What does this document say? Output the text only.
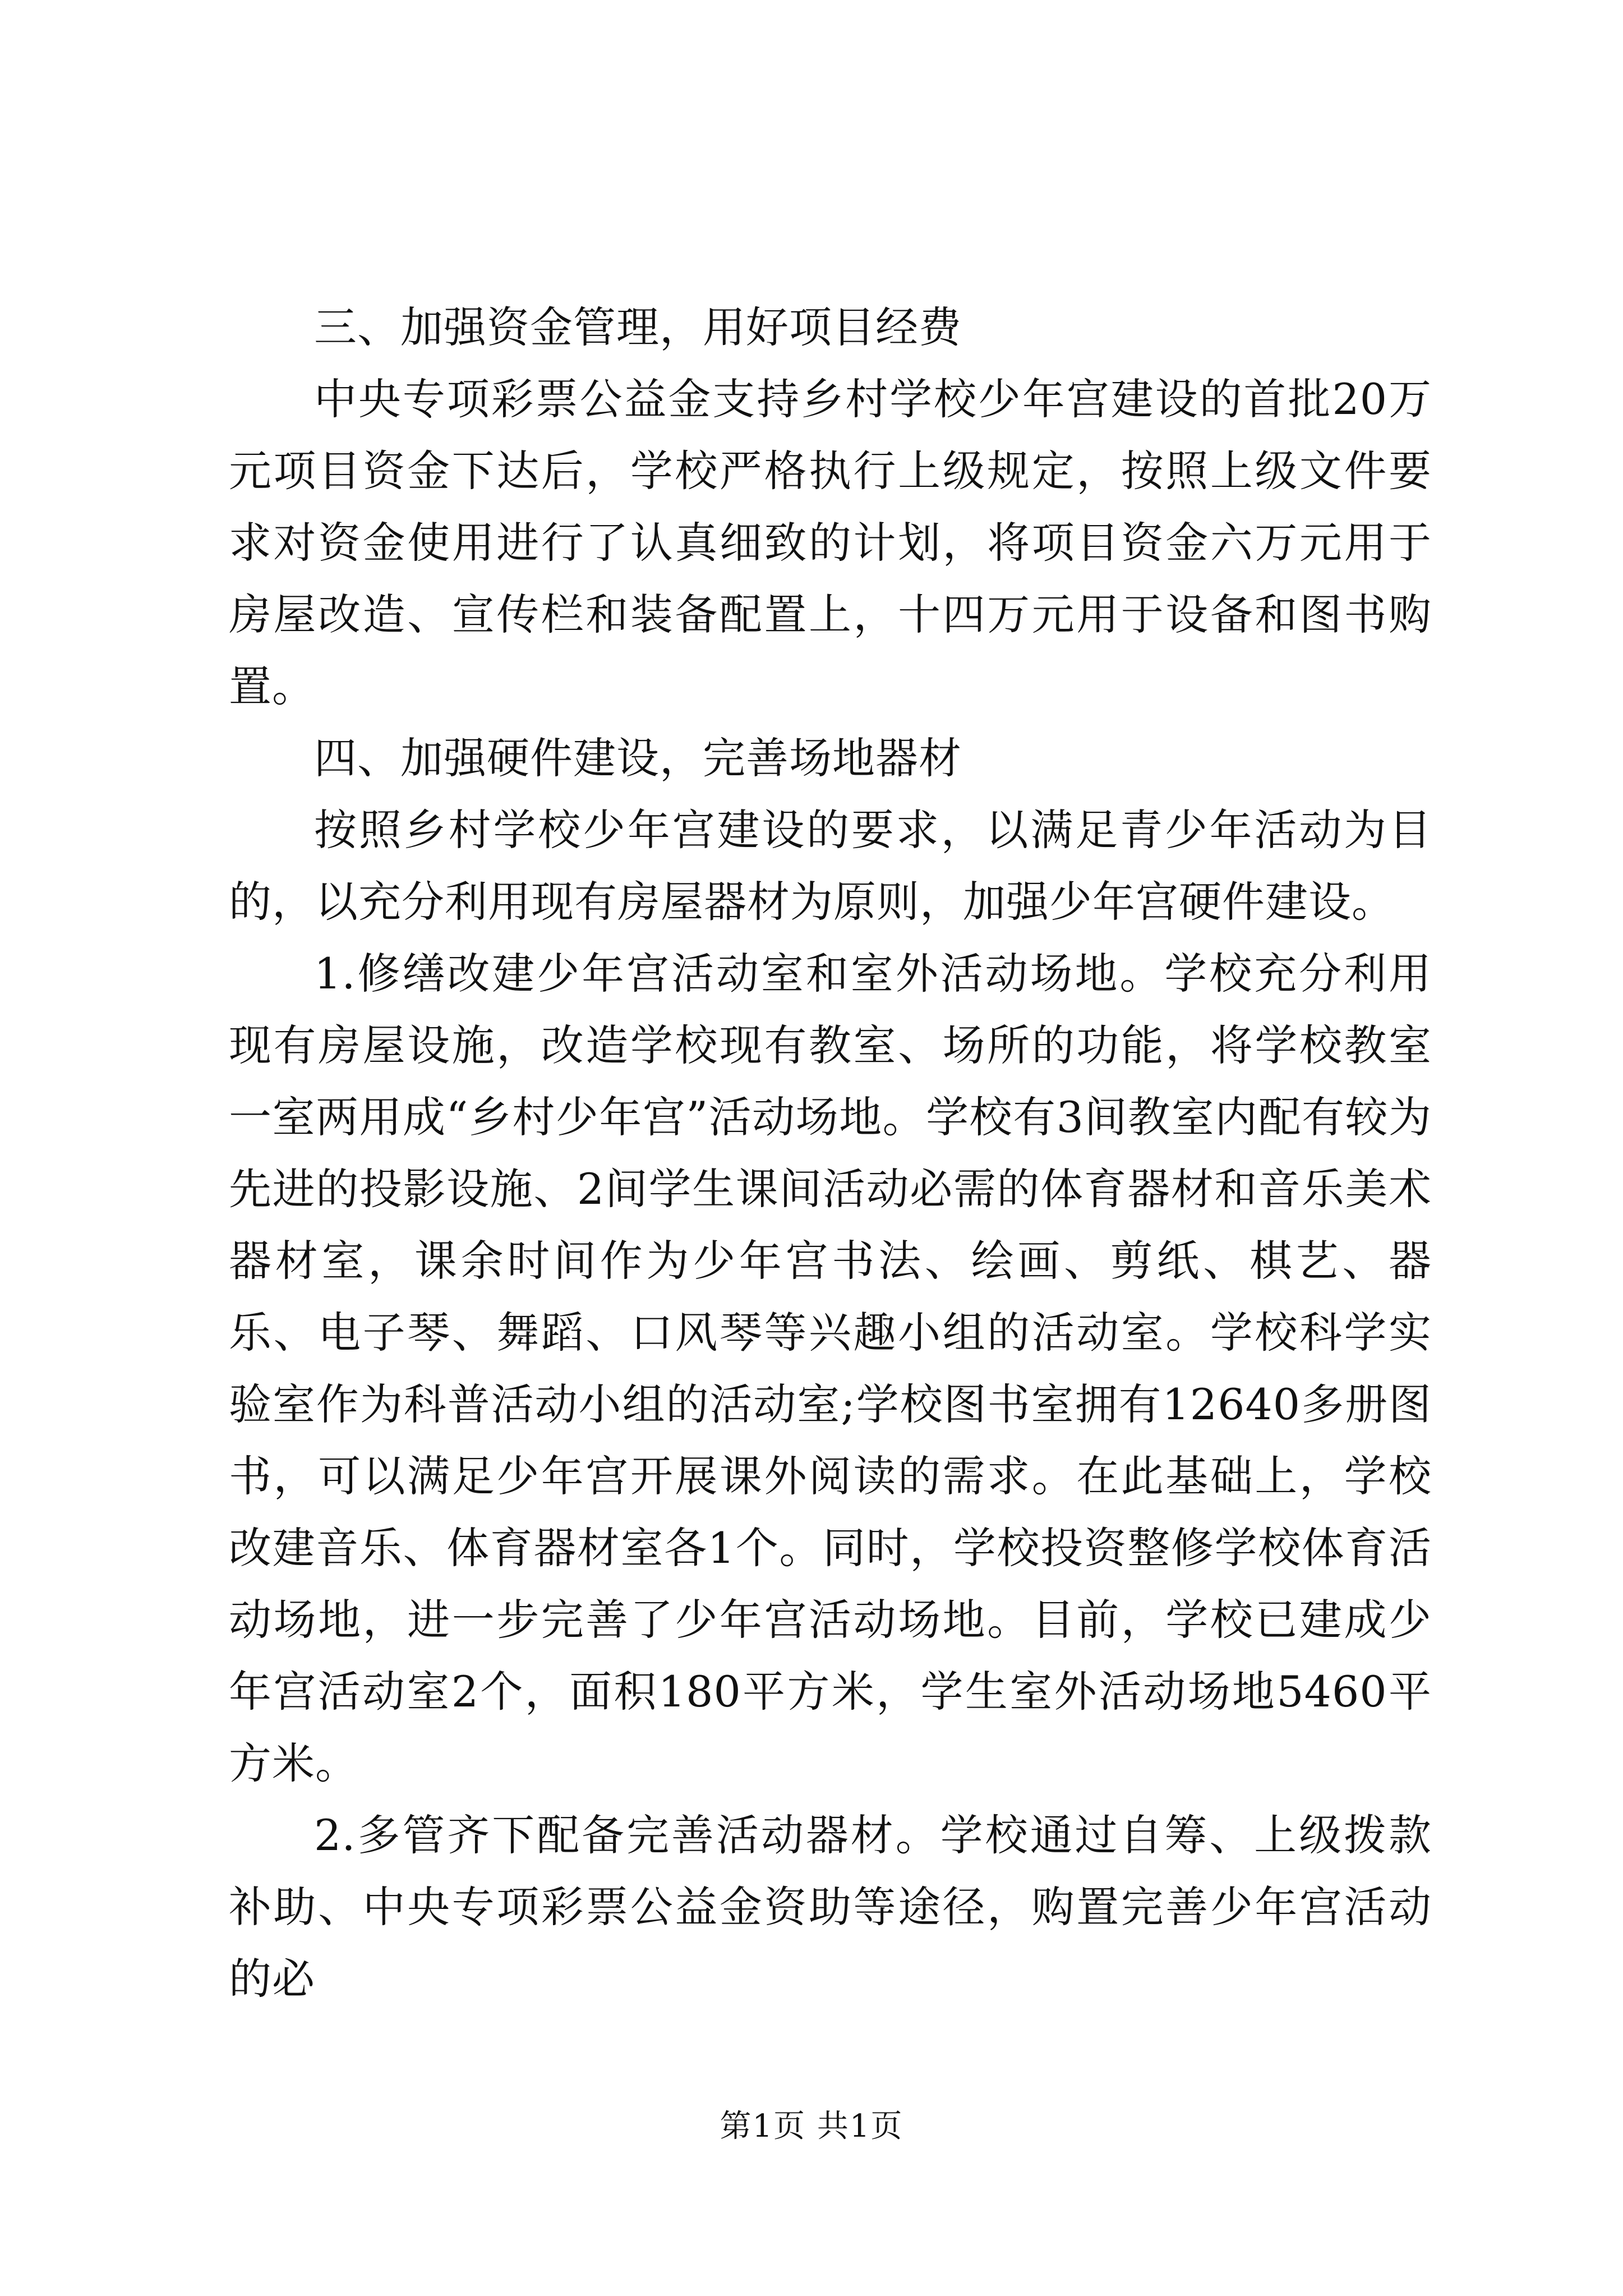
三、加强资金管理，用好项目经费

中央专项彩票公益金支持乡村学校少年宫建设的首批20万元项目资金下达后，学校严格执行上级规定，按照上级文件要求对资金使用进行了认真细致的计划，将项目资金六万元用于房屋改造、宣传栏和装备配置上，十四万元用于设备和图书购置。

四、加强硬件建设，完善场地器材

按照乡村学校少年宫建设的要求，以满足青少年活动为目的，以充分利用现有房屋器材为原则，加强少年宫硬件建设。

1.修缮改建少年宫活动室和室外活动场地。学校充分利用现有房屋设施，改造学校现有教室、场所的功能，将学校教室一室两用成“乡村少年宫”活动场地。学校有3间教室内配有较为先进的投影设施、2间学生课间活动必需的体育器材和音乐美术器材室，课余时间作为少年宫书法、绘画、剪纸、棋艺、器乐、电子琴、舞蹈、口风琴等兴趣小组的活动室。学校科学实验室作为科普活动小组的活动室;学校图书室拥有12640多册图书，可以满足少年宫开展课外阅读的需求。在此基础上，学校改建音乐、体育器材室各1个。同时，学校投资整修学校体育活动场地，进一步完善了少年宫活动场地。目前，学校已建成少年宫活动室2个，面积180平方米，学生室外活动场地5460平方米。

2.多管齐下配备完善活动器材。学校通过自筹、上级拨款补助、中央专项彩票公益金资助等途径，购置完善少年宫活动的必

第1页 共1页
